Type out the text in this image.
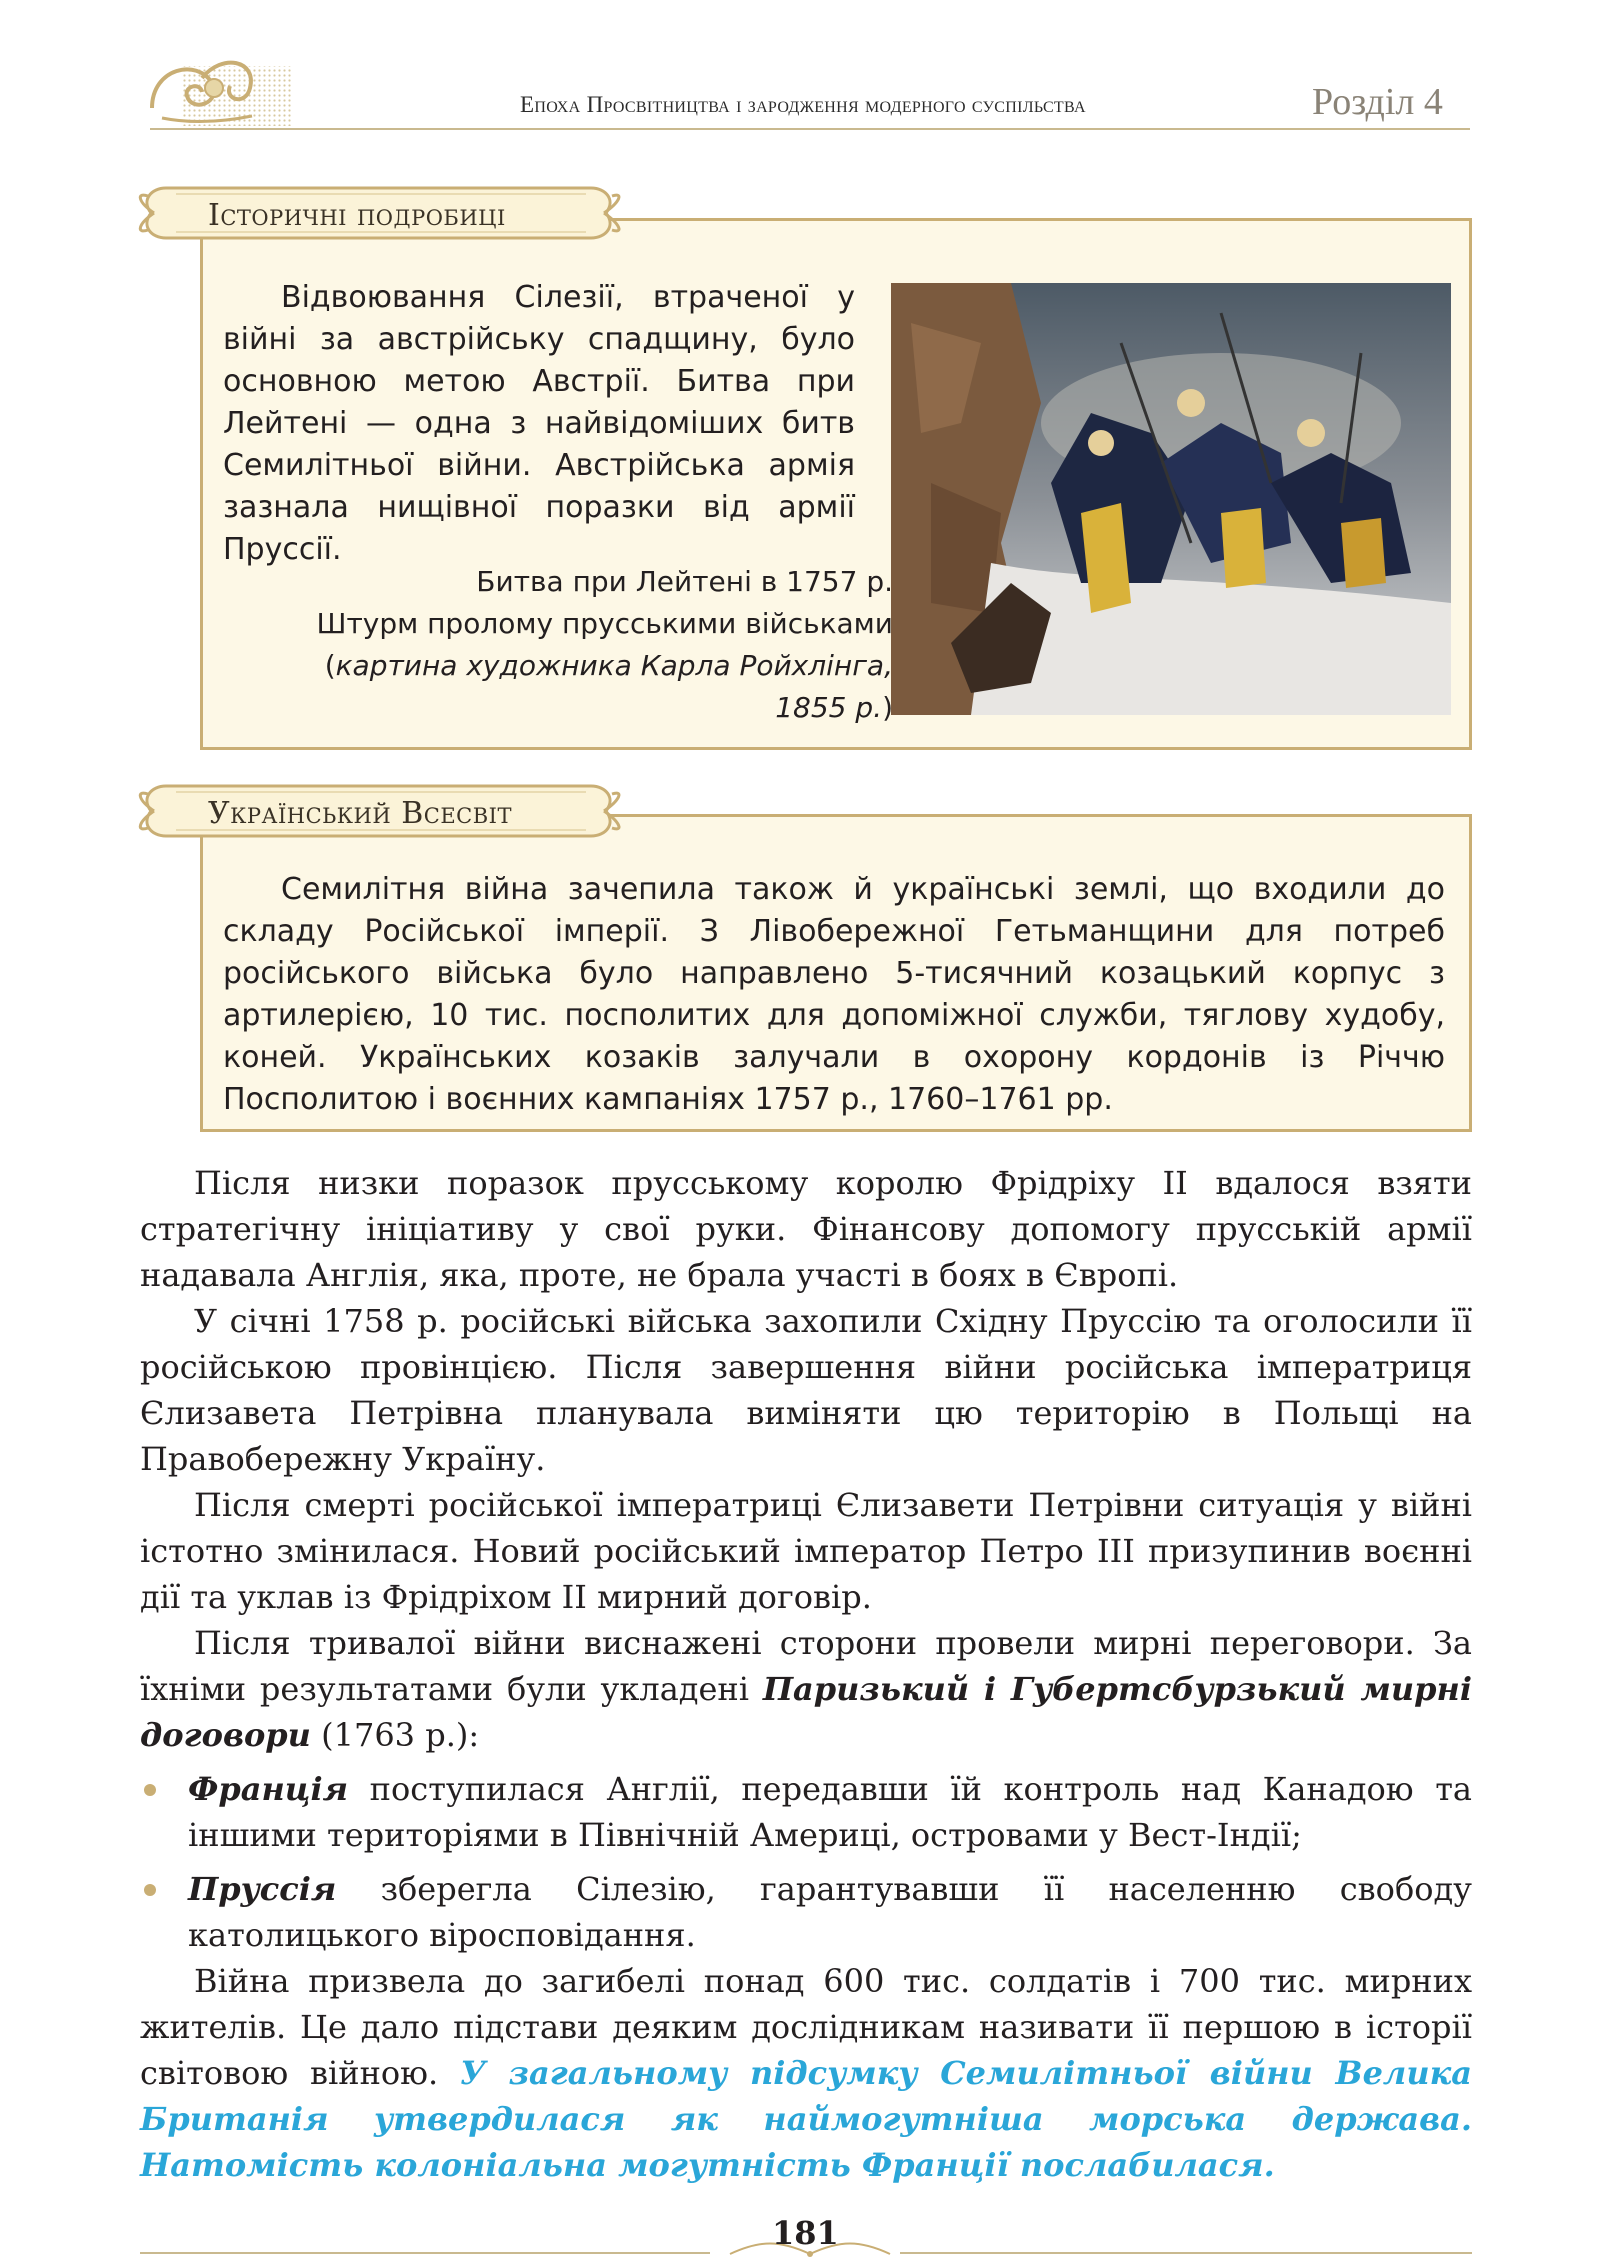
Епоха Просвітництва і зародження модерного суспільства	Розділ 4
Відвоювання Сілезії, втраченої у війні за австрійську спадщину, було основною метою Австрії. Битва при Лейтені — одна з найвідоміших битв Семилітньої війни. Австрійська армія зазнала нищівної поразки від армії Пруссії.
Битва при Лейтені в 1757 р.
Штурм пролому прусськими військами
(картина художника Карла Ройхлінга, 1855 р.)
Історичні подробиці
Семилітня війна зачепила також й українські землі, що входили до складу Російської імперії. З Лівобережної Гетьманщини для потреб російського війська було направлено 5-тисячний козацький корпус з артилерією, 10 тис. посполитих для допоміжної служби, тяглову худобу, коней. Українських козаків залучали в охорону кордонів із Річчю Посполитою і воєнних кампаніях 1757 р., 1760–1761 рр.
Український Всесвіт

Після низки поразок прусському королю Фрідріху ІІ вдалося взяти стратегічну ініціативу у свої руки. Фінансову допомогу прусській армії надавала Англія, яка, проте, не брала участі в боях в Європі.

У січні 1758 р. російські війська захопили Східну Пруссію та оголосили її російською провінцією. Після завершення війни російська імператриця Єлизавета Петрівна планувала виміняти цю територію в Польщі на Правобережну Україну.

Після смерті російської імператриці Єлизавети Петрівни ситуація у війні істотно змінилася. Новий російський імператор Петро ІІІ призупинив воєнні дії та уклав із Фрідріхом ІІ мирний договір.

Після тривалої війни виснажені сторони провели мирні переговори. За їхніми результатами були укладені Паризький і Губертсбурзький мирні договори (1763 р.):

Франція поступилася Англії, передавши їй контроль над Канадою та іншими територіями в Північній Америці, островами у Вест-Індії;

Пруссія зберегла Сілезію, гарантувавши її населенню свободу католицького віросповідання.

Війна призвела до загибелі понад 600 тис. солдатів і 700 тис. мирних жителів. Це дало підстави деяким дослідникам називати її першою в історії світовою війною. У загальному підсумку Семилітньої війни Велика Британія утвердилася як наймогутніша морська держава. Натомість колоніальна могутність Франції послабилася.

181
